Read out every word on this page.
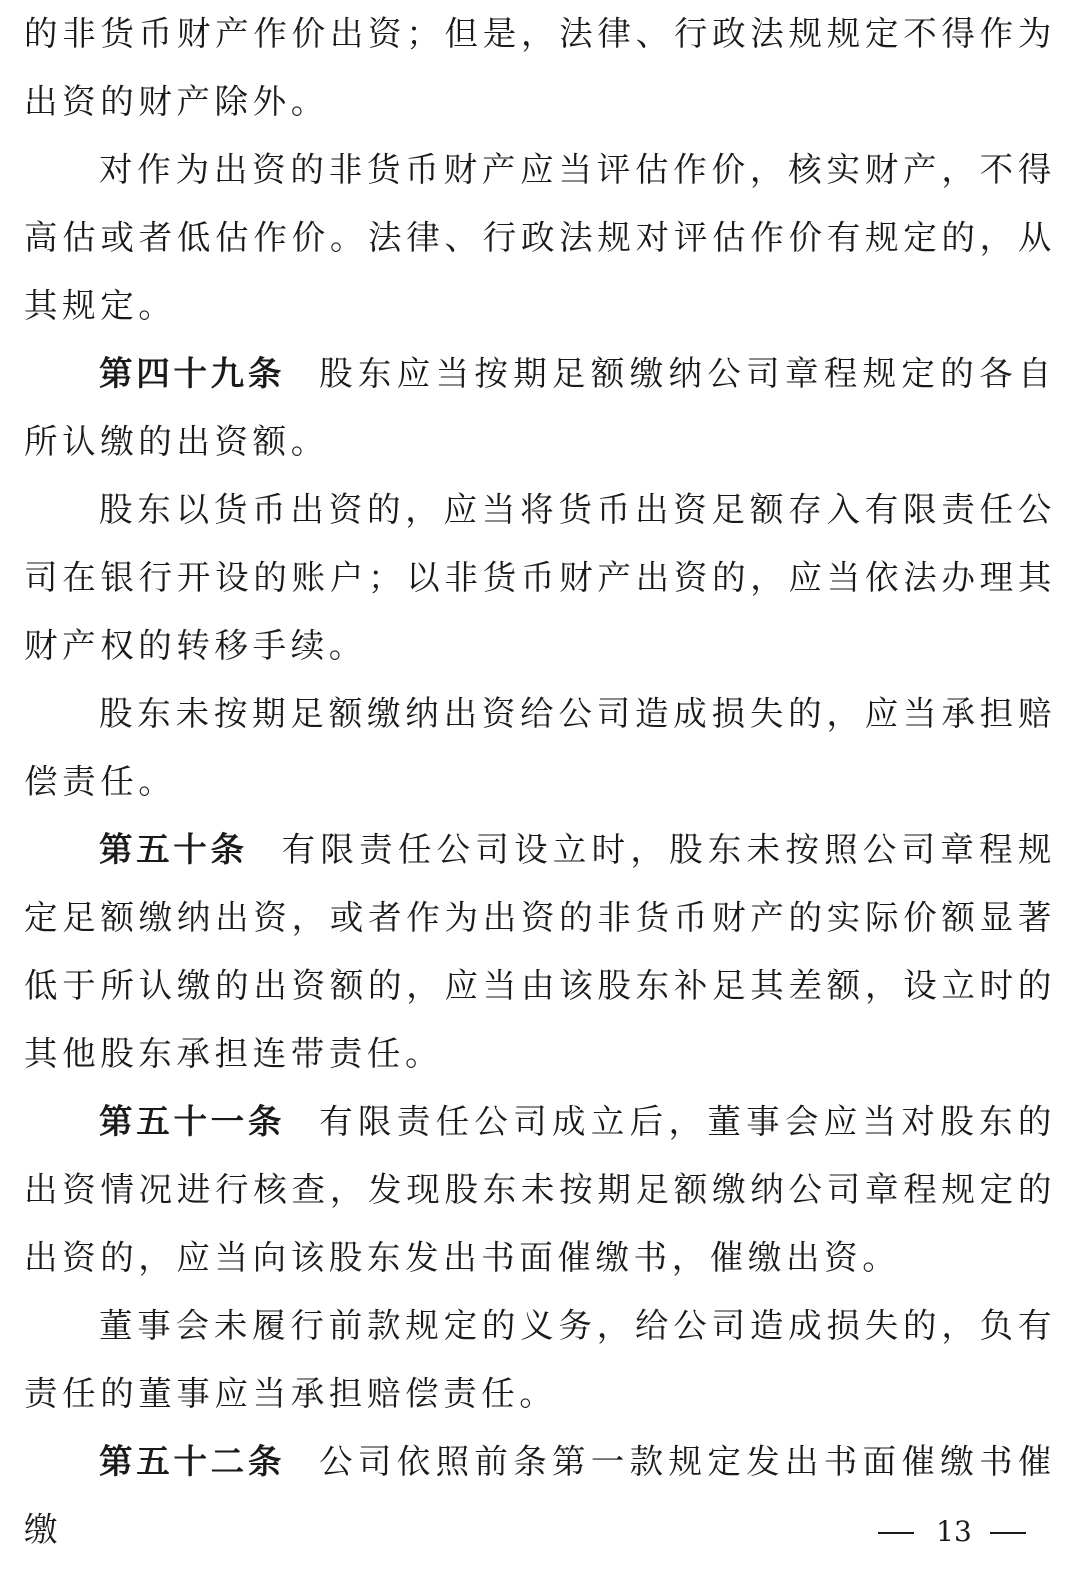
的非货币财产作价出资；但是，法律、行政法规规定不得作为出资的财产除外。

对作为出资的非货币财产应当评估作价，核实财产，不得高估或者低估作价。法律、行政法规对评估作价有规定的，从其规定。

第四十九条 股东应当按期足额缴纳公司章程规定的各自所认缴的出资额。

股东以货币出资的，应当将货币出资足额存入有限责任公司在银行开设的账户；以非货币财产出资的，应当依法办理其财产权的转移手续。

股东未按期足额缴纳出资给公司造成损失的，应当承担赔偿责任。

第五十条 有限责任公司设立时，股东未按照公司章程规定足额缴纳出资，或者作为出资的非货币财产的实际价额显著低于所认缴的出资额的，应当由该股东补足其差额，设立时的其他股东承担连带责任。

第五十一条 有限责任公司成立后，董事会应当对股东的出资情况进行核查，发现股东未按期足额缴纳公司章程规定的出资的，应当向该股东发出书面催缴书，催缴出资。

董事会未履行前款规定的义务，给公司造成损失的，负有责任的董事应当承担赔偿责任。

第五十二条 公司依照前条第一款规定发出书面催缴书催缴	13
